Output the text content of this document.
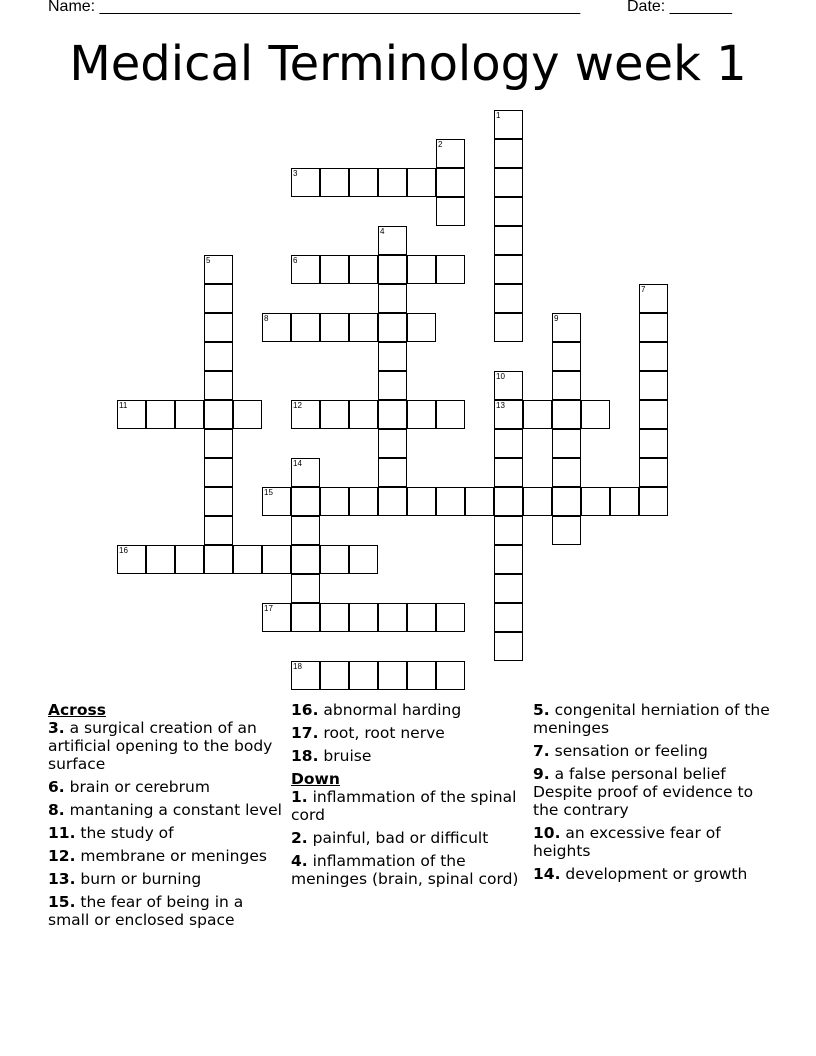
Name: ______________________________________________________	Date: _______
Medical Terminology week 1
3
6
8
11	12	13
15
16
17
18
1
2
4
5
7
9
10
14
Across
3. a surgical creation of an artificial opening to the body surface
6. brain or cerebrum
8. mantaning a constant level
11. the study of
12. membrane or meninges
13. burn or burning
15. the fear of being in a small or enclosed space
16. abnormal harding
17. root, root nerve
18. bruise
Down
1. inflammation of the spinal cord
2. painful, bad or difficult
4. inflammation of the meninges (brain, spinal cord)
5. congenital herniation of the meninges
7. sensation or feeling
9. a false personal belief Despite proof of evidence to the contrary
10. an excessive fear of heights
14. development or growth
